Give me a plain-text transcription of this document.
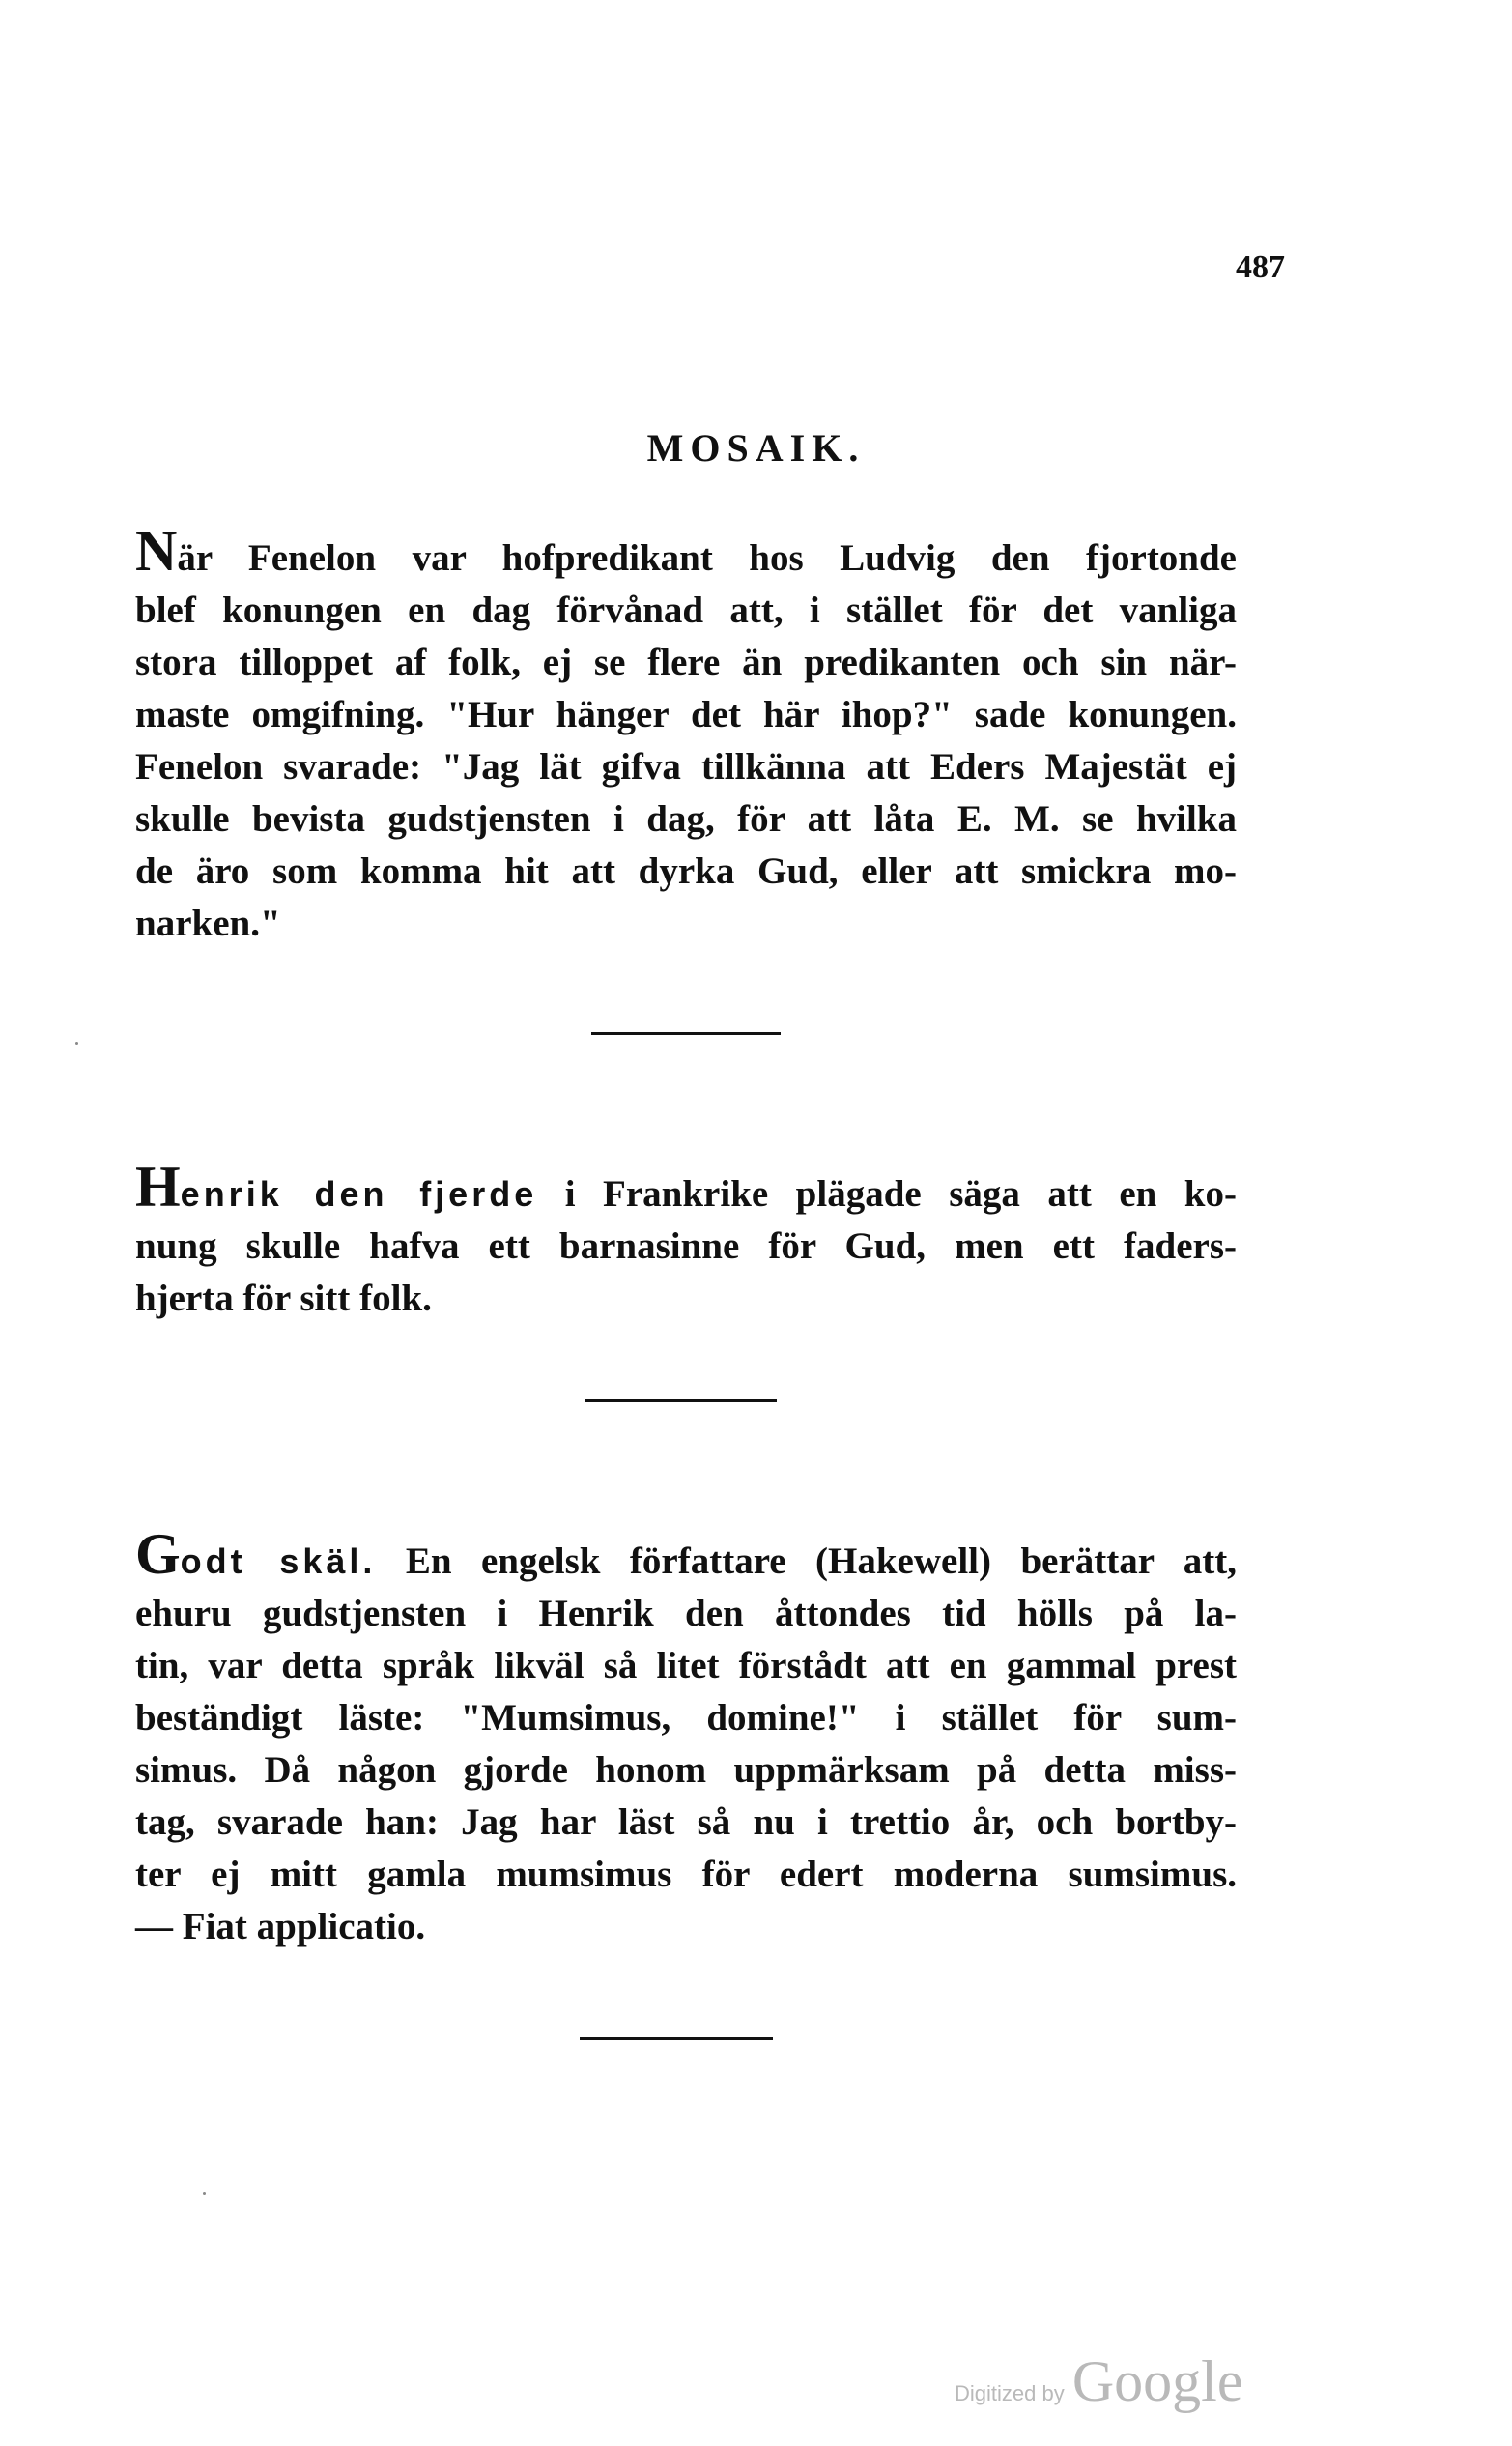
487
MOSAIK.
När Fenelon var hofpredikant hos Ludvig den fjortonde
blef konungen en dag förvånad att, i stället för det vanliga
stora tilloppet af folk, ej se flere än predikanten och sin när-
maste omgifning. "Hur hänger det här ihop?" sade konungen.
Fenelon svarade: "Jag lät gifva tillkänna att Eders Majestät ej
skulle bevista gudstjensten i dag, för att låta E. M. se hvilka
de äro som komma hit att dyrka Gud, eller att smickra mo-
narken."
Henrik den fjerde i Frankrike plägade säga att en ko-
nung skulle hafva ett barnasinne för Gud, men ett faders-
hjerta för sitt folk.
Godt skäl. En engelsk författare (Hakewell) berättar att,
ehuru gudstjensten i Henrik den åttondes tid hölls på la-
tin, var detta språk likväl så litet förstådt att en gammal prest
beständigt läste: "Mumsimus, domine!" i stället för sum-
simus. Då någon gjorde honom uppmärksam på detta miss-
tag, svarade han: Jag har läst så nu i trettio år, och bortby-
ter ej mitt gamla mumsimus för edert moderna sumsimus.
— Fiat applicatio.
Digitized by Google
